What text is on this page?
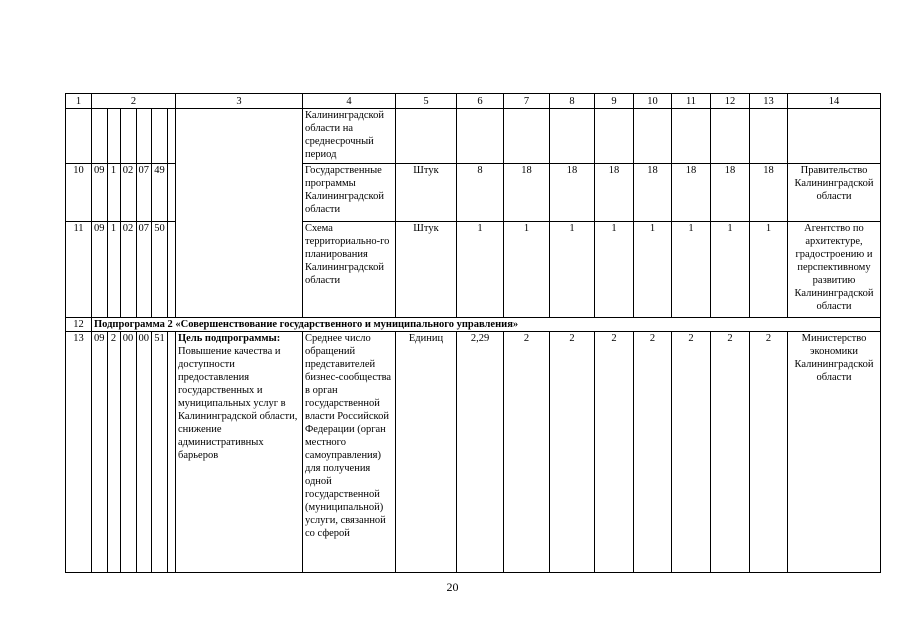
1	2						3	4	5	6	7	8	9	10	11	12	13	14
								Калининградской области на среднесрочный период										
10	09	1	02	07	49			Государственные программы Калининградской области	Штук	8	18	18	18	18	18	18	18	Правительство Калининградской области
11	09	1	02	07	50			Схема территориально-го планирования Калининградской области	Штук	1	1	1	1	1	1	1	1	Агентство по архитектуре, градостроению и перспективному развитию Калининградской области
12	Подпрограмма 2 «Совершенствование государственного и муниципального управления»																	
13	09	2	00	00	51		Цель подпрограммы:
Повышение качества и доступности предоставления государственных и муниципальных услуг в Калининградской области, снижение административных барьеров	Среднее число обращений представителей бизнес-сообщества в орган государственной власти Российской Федерации (орган местного самоуправления) для получения одной государственной (муниципальной) услуги, связанной со сферой	Единиц	2,29	2	2	2	2	2	2	2	Министерство экономики Калининградской области
20
